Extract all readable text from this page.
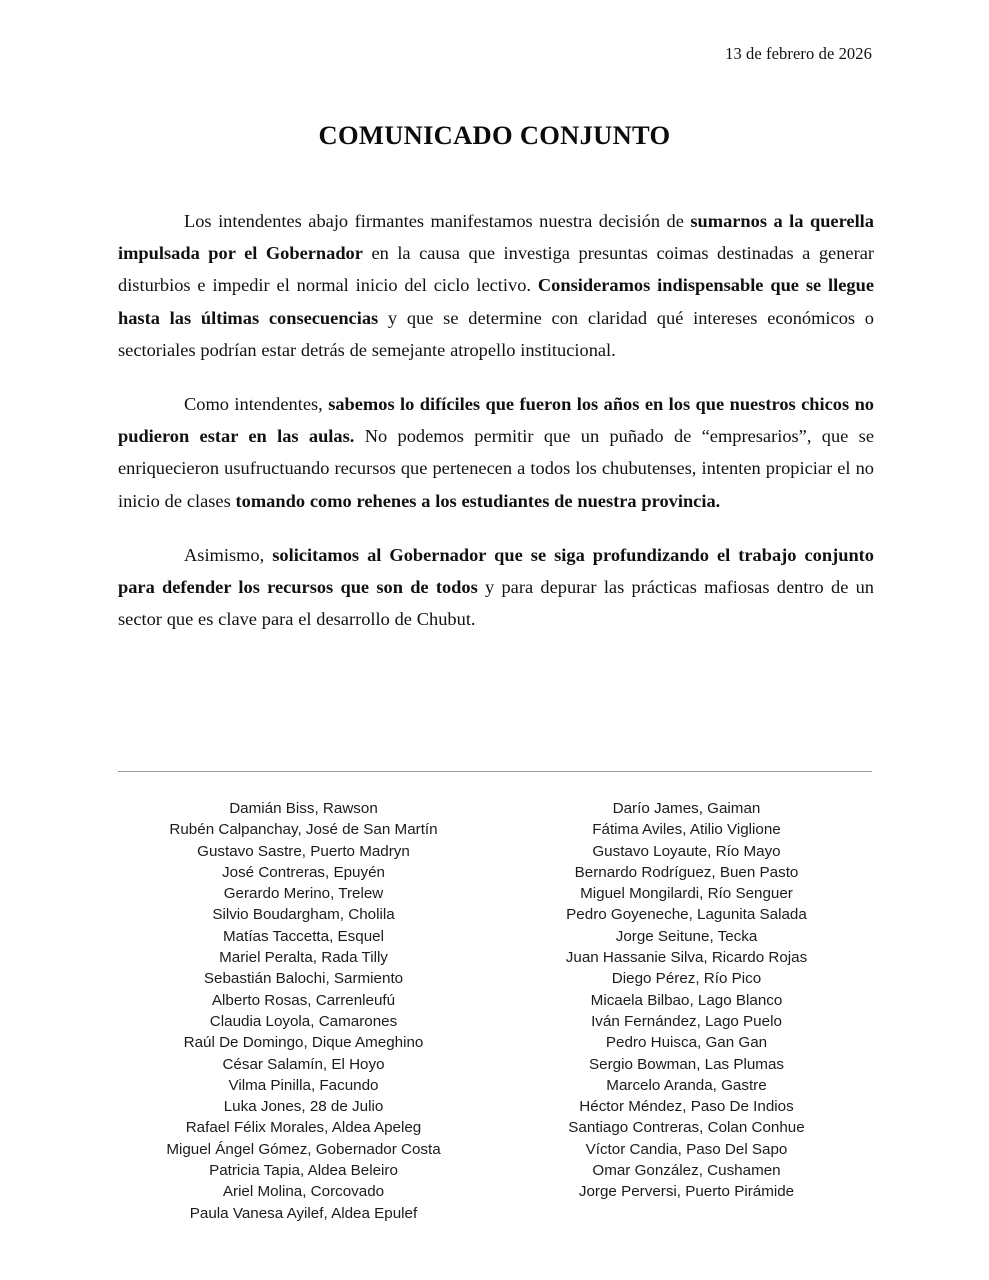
13 de febrero de 2026
COMUNICADO CONJUNTO

Los intendentes abajo firmantes manifestamos nuestra decisión de sumarnos a la querella impulsada por el Gobernador en la causa que investiga presuntas coimas destinadas a generar disturbios e impedir el normal inicio del ciclo lectivo. Consideramos indispensable que se llegue hasta las últimas consecuencias y que se determine con claridad qué intereses económicos o sectoriales podrían estar detrás de semejante atropello institucional.

Como intendentes, sabemos lo difíciles que fueron los años en los que nuestros chicos no pudieron estar en las aulas. No podemos permitir que un puñado de “empresarios”, que se enriquecieron usufructuando recursos que pertenecen a todos los chubutenses, intenten propiciar el no inicio de clases tomando como rehenes a los estudiantes de nuestra provincia.

Asimismo, solicitamos al Gobernador que se siga profundizando el trabajo conjunto para defender los recursos que son de todos y para depurar las prácticas mafiosas dentro de un sector que es clave para el desarrollo de Chubut.

Damián Biss, Rawson
Rubén Calpanchay, José de San Martín
Gustavo Sastre, Puerto Madryn
José Contreras, Epuyén
Gerardo Merino, Trelew
Silvio Boudargham, Cholila
Matías Taccetta, Esquel
Mariel Peralta, Rada Tilly
Sebastián Balochi, Sarmiento
Alberto Rosas, Carrenleufú
Claudia Loyola, Camarones
Raúl De Domingo, Dique Ameghino
César Salamín, El Hoyo
Vilma Pinilla, Facundo
Luka Jones, 28 de Julio
Rafael Félix Morales, Aldea Apeleg
Miguel Ángel Gómez, Gobernador Costa
Patricia Tapia, Aldea Beleiro
Ariel Molina, Corcovado
Paula Vanesa Ayilef, Aldea Epulef
Darío James, Gaiman
Fátima Aviles, Atilio Viglione
Gustavo Loyaute, Río Mayo
Bernardo Rodríguez, Buen Pasto
Miguel Mongilardi, Río Senguer
Pedro Goyeneche, Lagunita Salada
Jorge Seitune, Tecka
Juan Hassanie Silva, Ricardo Rojas
Diego Pérez, Río Pico
Micaela Bilbao, Lago Blanco
Iván Fernández, Lago Puelo
Pedro Huisca, Gan Gan
Sergio Bowman, Las Plumas
Marcelo Aranda, Gastre
Héctor Méndez, Paso De Indios
Santiago Contreras, Colan Conhue
Víctor Candia, Paso Del Sapo
Omar González, Cushamen
Jorge Perversi, Puerto Pirámide
